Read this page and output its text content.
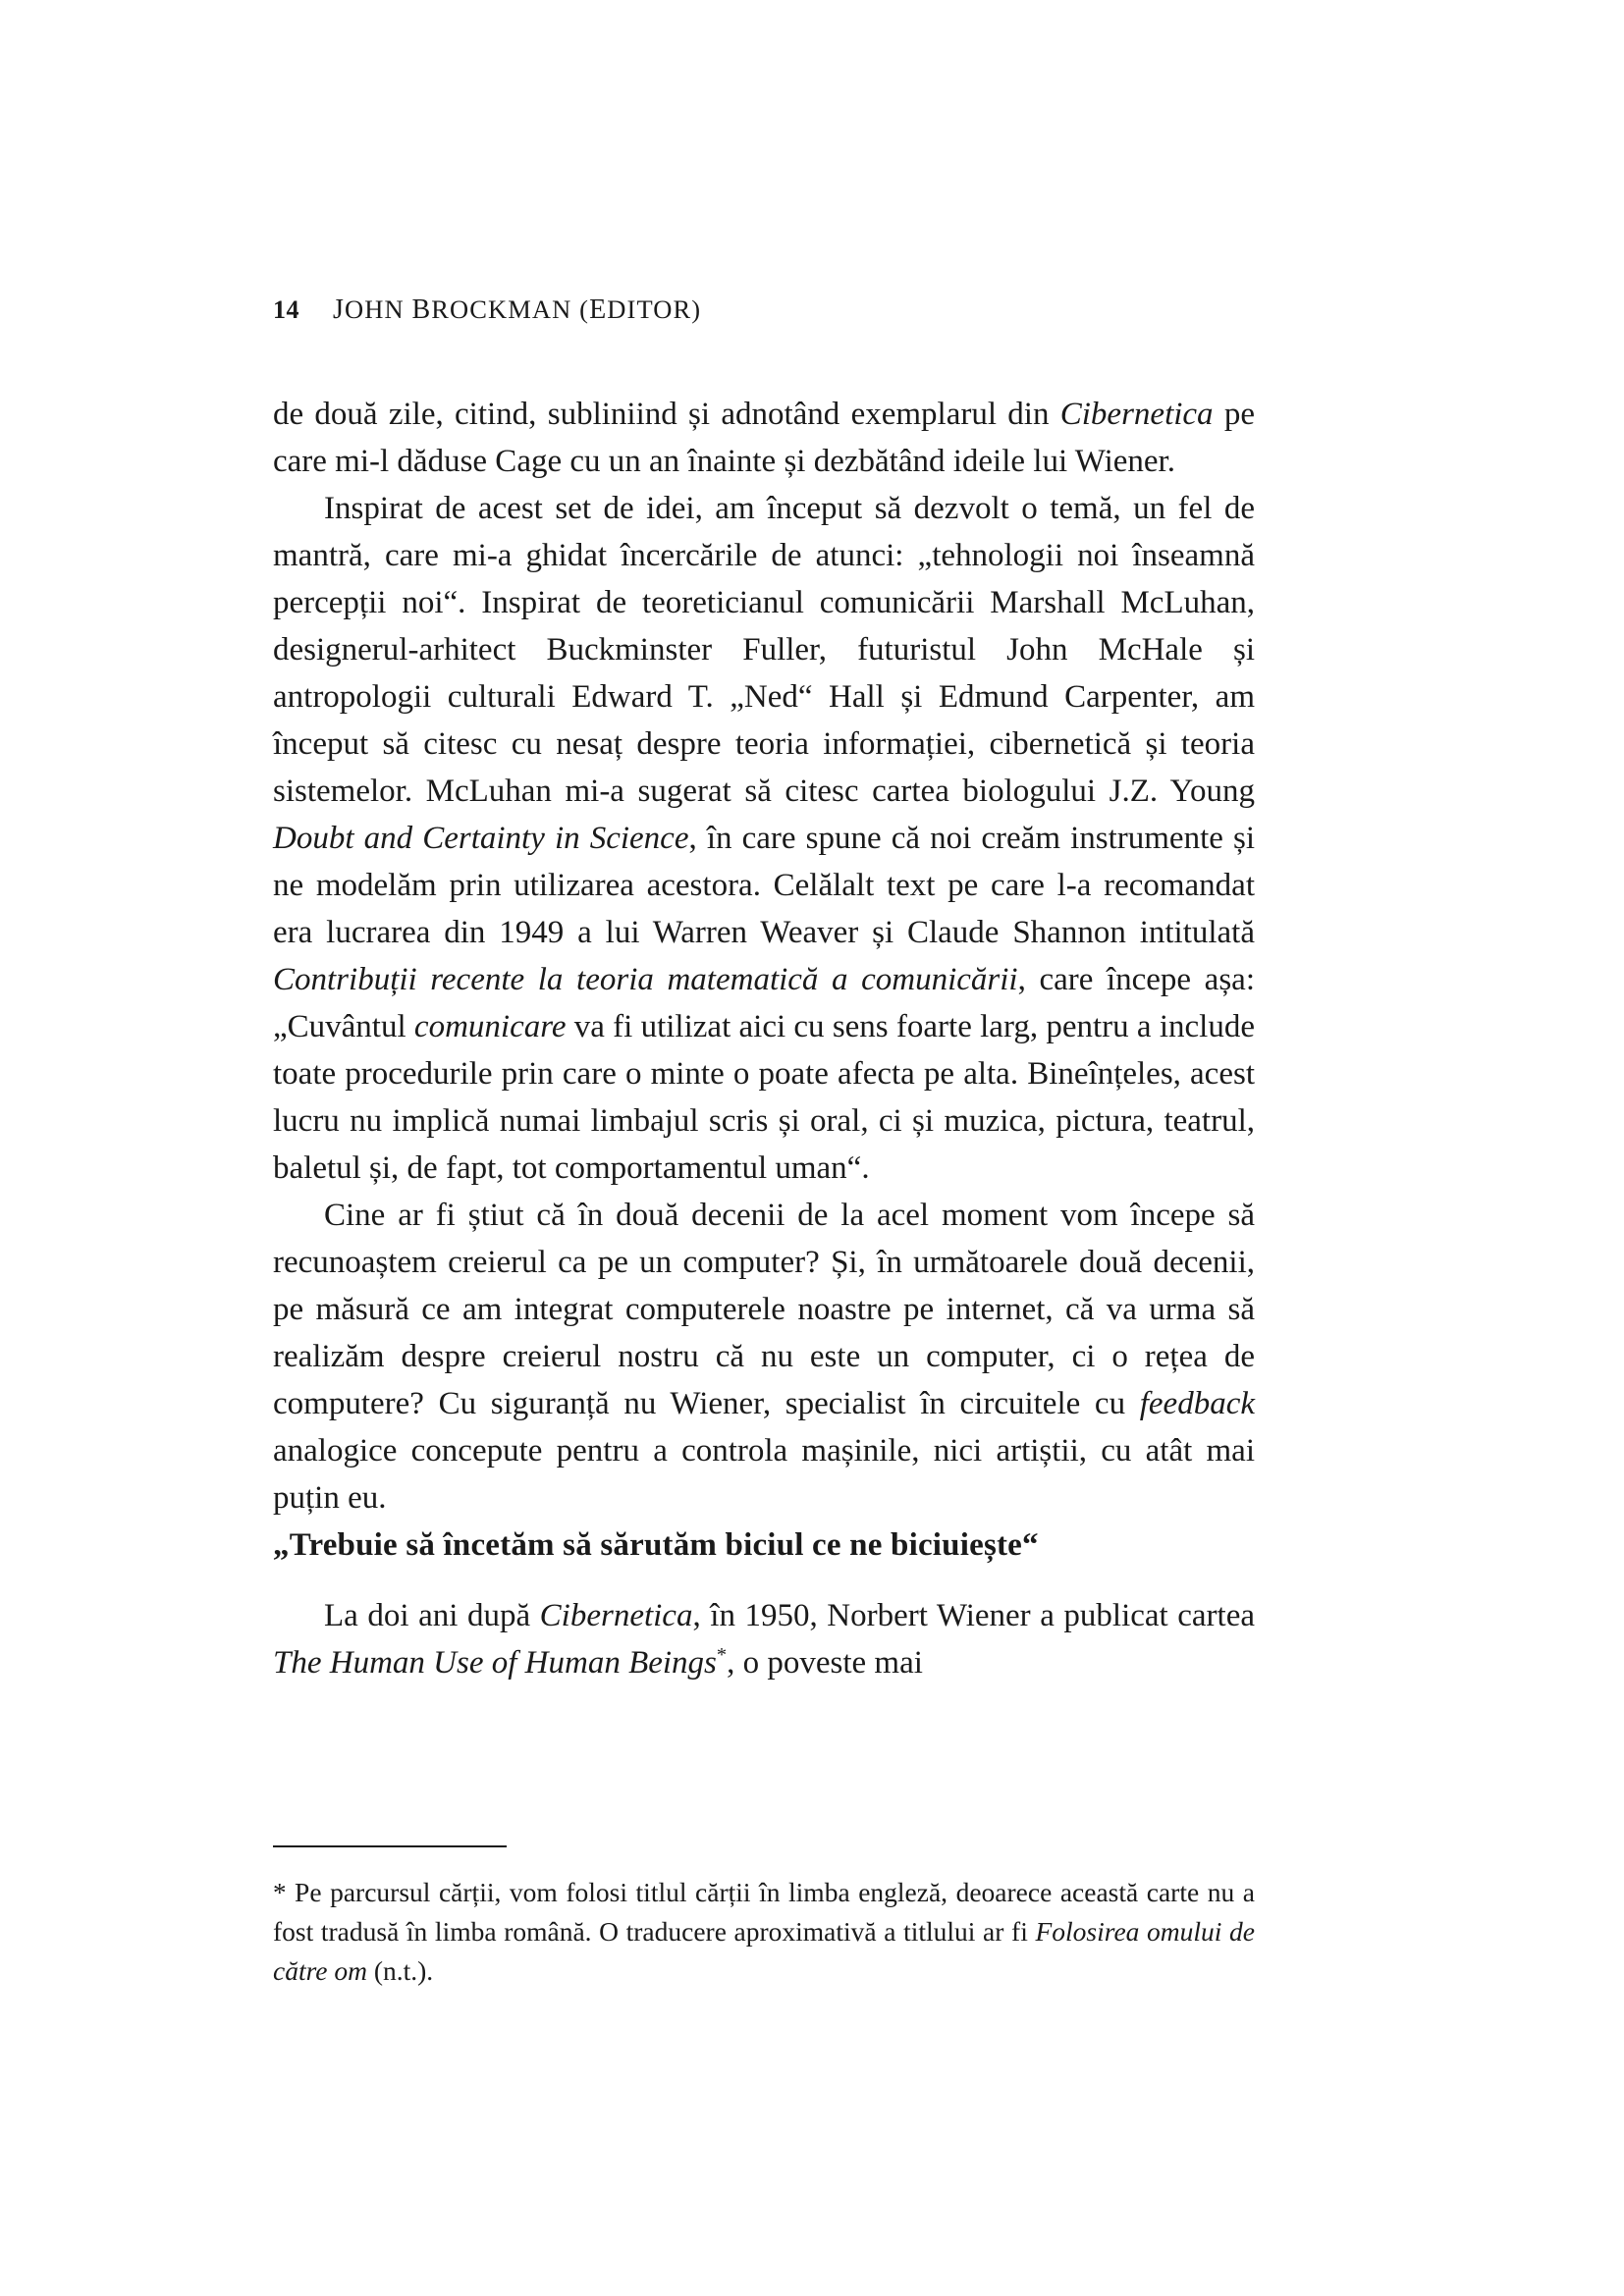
14 JOHN BROCKMAN (EDITOR)

de două zile, citind, subliniind și adnotând exemplarul din Cibernetica pe care mi-l dăduse Cage cu un an înainte și dezbătând ideile lui Wiener.

Inspirat de acest set de idei, am început să dezvolt o temă, un fel de mantră, care mi-a ghidat încercările de atunci: „tehnologii noi înseamnă percepții noi“. Inspirat de teoreticianul comunicării Marshall McLuhan, designerul-arhitect Buckminster Fuller, futuristul John McHale și antropologii culturali Edward T. „Ned“ Hall și Edmund Carpenter, am început să citesc cu nesaț despre teoria informației, cibernetică și teoria sistemelor. McLuhan mi-a sugerat să citesc cartea biologului J.Z. Young Doubt and Certainty in Science, în care spune că noi creăm instrumente și ne modelăm prin utilizarea acestora. Celălalt text pe care l-a recomandat era lucrarea din 1949 a lui Warren Weaver și Claude Shannon intitulată Contribuții recente la teoria matematică a comunicării, care începe așa: „Cuvântul comunicare va fi utilizat aici cu sens foarte larg, pentru a include toate procedurile prin care o minte o poate afecta pe alta. Bineînțeles, acest lucru nu implică numai limbajul scris și oral, ci și muzica, pictura, teatrul, baletul și, de fapt, tot comportamentul uman“.

Cine ar fi știut că în două decenii de la acel moment vom începe să recunoaștem creierul ca pe un computer? Și, în următoarele două decenii, pe măsură ce am integrat computerele noastre pe internet, că va urma să realizăm despre creierul nostru că nu este un computer, ci o rețea de computere? Cu siguranță nu Wiener, specialist în circuitele cu feedback analogice concepute pentru a controla mașinile, nici artiștii, cu atât mai puțin eu.

„Trebuie să încetăm să sărutăm biciul ce ne biciuiește“

La doi ani după Cibernetica, în 1950, Norbert Wiener a publicat cartea The Human Use of Human Beings*, o poveste mai

* Pe parcursul cărții, vom folosi titlul cărții în limba engleză, deoarece această carte nu a fost tradusă în limba română. O traducere aproximativă a titlului ar fi Folosirea omului de către om (n.t.).
